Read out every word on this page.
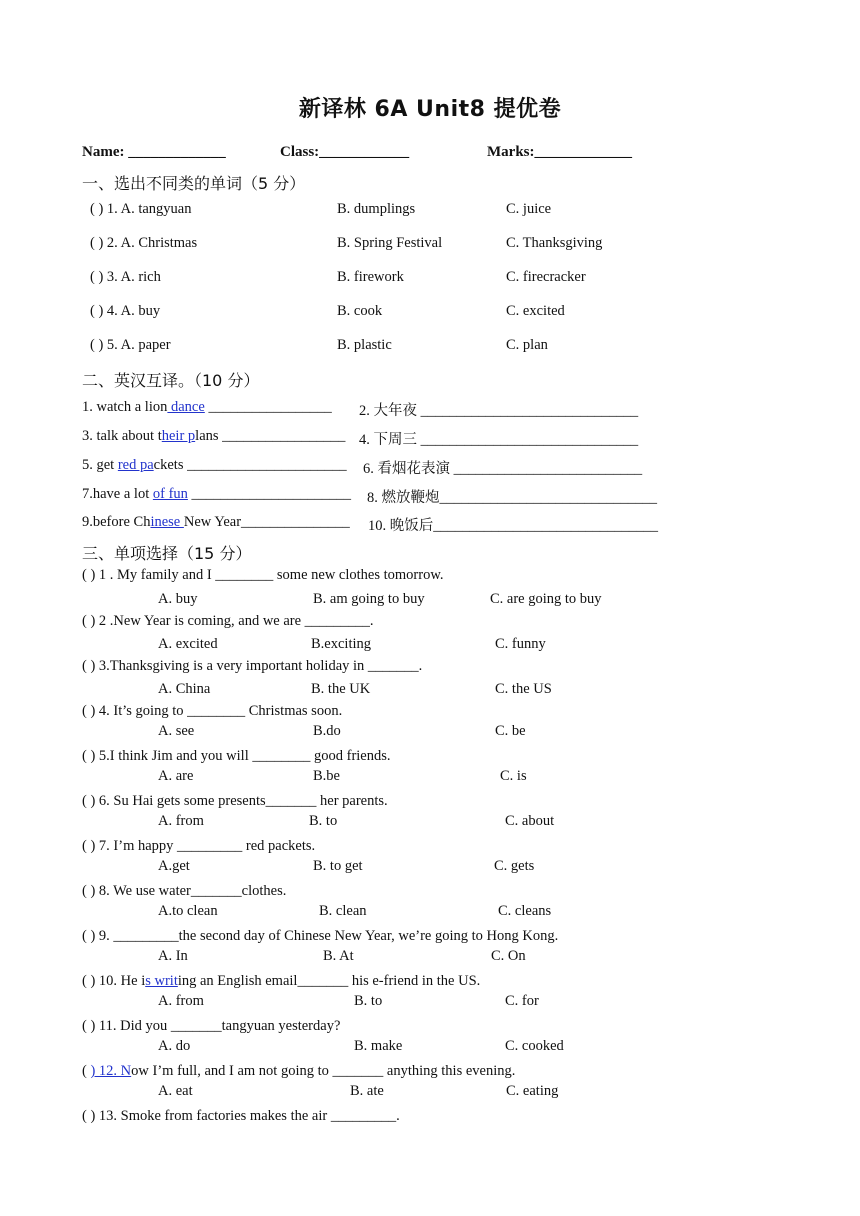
新译林 6A Unit8 提优卷
Name: _____________	Class:____________	Marks:_____________
一、选出不同类的单词（5 分）
( ) 1. A. tangyuan	B. dumplings	C. juice
( ) 2. A. Christmas	B. Spring Festival	C. Thanksgiving
( ) 3. A. rich	B. firework	C. firecracker
( ) 4. A. buy	B. cook	C. excited
( ) 5. A. paper	B. plastic	C. plan
二、英汉互译。（10 分）
1. watch a lion dance _________________ 2. 大年夜 ______________________________
3. talk about their plans _________________ 4. 下周三 ______________________________
5. get red packets ______________________ 6. 看烟花表演 __________________________
7.have a lot of fun ______________________ 8. 燃放鞭炮______________________________
9.before Chinese New Year_______________ 10. 晚饭后_______________________________
三、单项选择（15 分）
( ) 1 . My family and I ________ some new clothes tomorrow.
A. buy	B. am going to buy	C. are going to buy
( ) 2 .New Year is coming, and we are _________.
A. excited	B.exciting	C. funny
( ) 3.Thanksgiving is a very important holiday in _______.
A. China	B. the UK	C. the US
( ) 4. It’s going to ________ Christmas soon.
A. see	B.do	C. be
( ) 5.I think Jim and you will ________ good friends.
A. are	B.be	C. is
( ) 6. Su Hai gets some presents_______ her parents.
A. from	B. to	C. about
( ) 7. I’m happy _________ red packets.
A.get	B. to get	C. gets
( ) 8. We use water_______clothes.
A.to clean	B. clean	C. cleans
( ) 9. _________the second day of Chinese New Year, we’re going to Hong Kong.
A. In	B. At	C. On
( ) 10. He is writing an English email_______ his e-friend in the US.
A. from	B. to	C. for
( ) 11. Did you _______tangyuan yesterday?
A. do	B. make	C. cooked
( ) 12. Now I’m full, and I am not going to _______ anything this evening.
A. eat	B. ate	C. eating
( ) 13. Smoke from factories makes the air _________.
